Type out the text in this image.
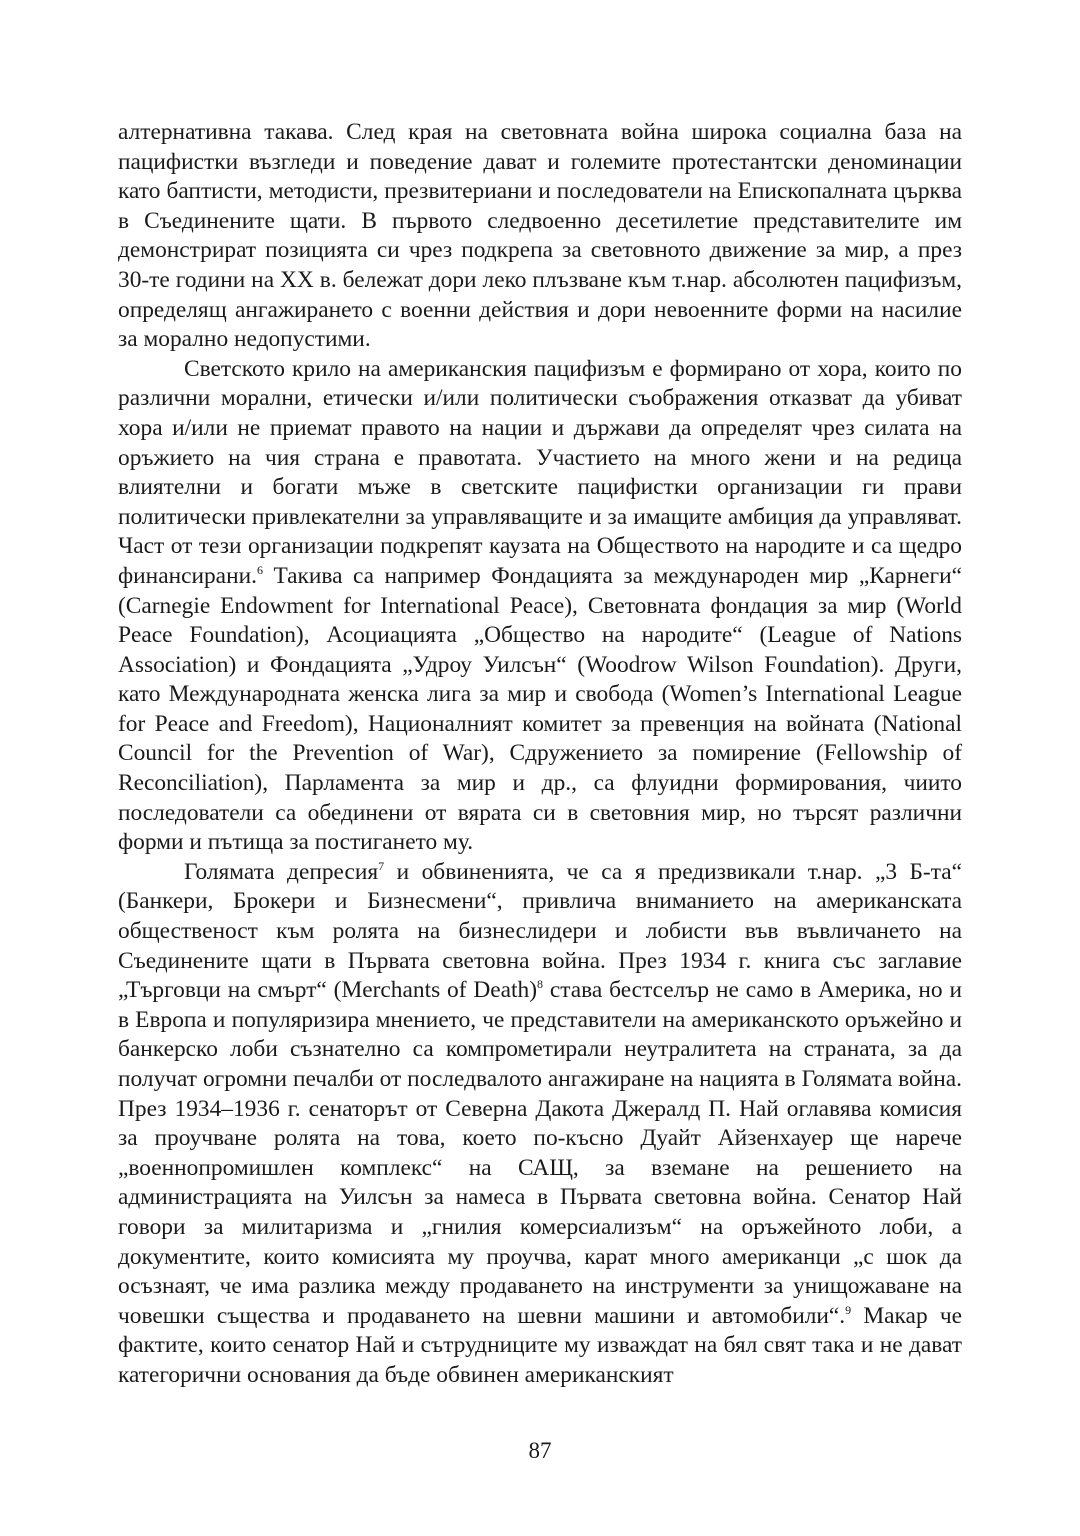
алтернативна такава. След края на световната война широка социална база на пацифистки възгледи и поведение дават и големите протестантски деноминации като баптисти, методисти, презвитериани и последователи на Епископалната църква в Съединените щати. В първото следвоенно десетилетие представителите им демонстрират позицията си чрез подкрепа за световното движение за мир, а през 30-те години на XX в. бележат дори леко плъзване към т.нар. абсолютен пацифизъм, определящ ангажирането с военни действия и дори невоенните форми на насилие за морално недопустими.

Светското крило на американския пацифизъм е формирано от хора, които по различни морални, етически и/или политически съображения отказват да убиват хора и/или не приемат правото на нации и държави да определят чрез силата на оръжието на чия страна е правотата. Участието на много жени и на редица влиятелни и богати мъже в светските пацифистки организации ги прави политически привлекателни за управляващите и за имащите амбиция да управляват. Част от тези организации подкрепят каузата на Обществото на народите и са щедро финансирани.$^6$ Такива са например Фондацията за международен мир „Карнеги“ (Carnegie Endowment for International Peace), Световната фондация за мир (World Peace Foundation), Асоциацията „Общество на народите“ (League of Nations Association) и Фондацията „Удроу Уилсън“ (Woodrow Wilson Foundation). Други, като Международната женска лига за мир и свобода (Women’s International League for Peace and Freedom), Националният комитет за превенция на войната (National Council for the Prevention of War), Сдружението за помирение (Fellowship of Reconciliation), Парламента за мир и др., са флуидни формирования, чиито последователи са обединени от вярата си в световния мир, но търсят различни форми и пътища за постигането му.

Голямата депресия$^7$ и обвиненията, че са я предизвикали т.нар. „3 Б-та“ (Банкери, Брокери и Бизнесмени“, привлича вниманието на американската общественост към ролята на бизнеслидери и лобисти във въвличането на Съединените щати в Първата световна война. През 1934 г. книга със заглавие „Търговци на смърт“ (Merchants of Death)$^8$ става бестселър не само в Америка, но и в Европа и популяризира мнението, че представители на американското оръжейно и банкерско лоби съзнателно са компрометирали неутралитета на страната, за да получат огромни печалби от последвалото ангажиране на нацията в Голямата война. През 1934–1936 г. сенаторът от Северна Дакота Джералд П. Най оглавява комисия за проучване ролята на това, което по-късно Дуайт Айзенхауер ще нарече „военнопромишлен комплекс“ на САЩ, за вземане на решението на администрацията на Уилсън за намеса в Първата световна война. Сенатор Най говори за милитаризма и „гнилия комерсиализъм“ на оръжейното лоби, а документите, които комисията му проучва, карат много американци „с шок да осъзнаят, че има разлика между продаването на инструменти за унищожаване на човешки същества и продаването на шевни машини и автомобили“.$^9$ Макар че фактите, които сенатор Най и сътрудниците му изваждат на бял свят така и не дават категорични основания да бъде обвинен американският

87
